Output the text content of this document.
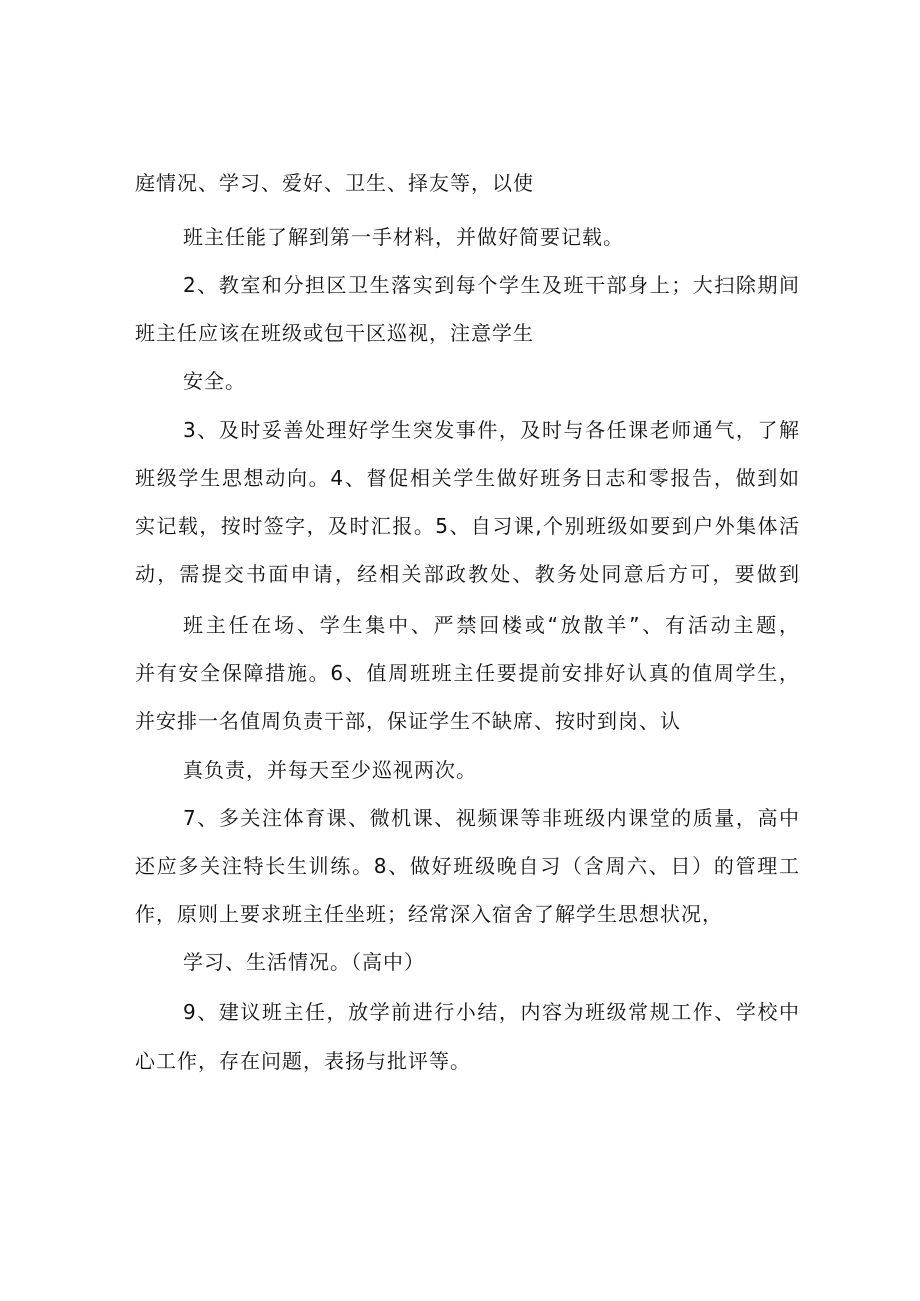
庭情况、学习、爱好、卫生、择友等，以使
班主任能了解到第一手材料，并做好简要记载。
2、教室和分担区卫生落实到每个学生及班干部身上；大扫除期间
班主任应该在班级或包干区巡视，注意学生
安全。
3、及时妥善处理好学生突发事件，及时与各任课老师通气，了解
班级学生思想动向。4、督促相关学生做好班务日志和零报告，做到如
实记载，按时签字，及时汇报。5、自习课,个别班级如要到户外集体活
动，需提交书面申请，经相关部政教处、教务处同意后方可，要做到
班主任在场、学生集中、严禁回楼或“放散羊”、有活动主题，
并有安全保障措施。6、值周班班主任要提前安排好认真的值周学生，
并安排一名值周负责干部，保证学生不缺席、按时到岗、认
真负责，并每天至少巡视两次。
7、多关注体育课、微机课、视频课等非班级内课堂的质量，高中
还应多关注特长生训练。8、做好班级晚自习（含周六、日）的管理工
作，原则上要求班主任坐班；经常深入宿舍了解学生思想状况，
学习、生活情况。（高中）
9、建议班主任，放学前进行小结，内容为班级常规工作、学校中
心工作，存在问题，表扬与批评等。
